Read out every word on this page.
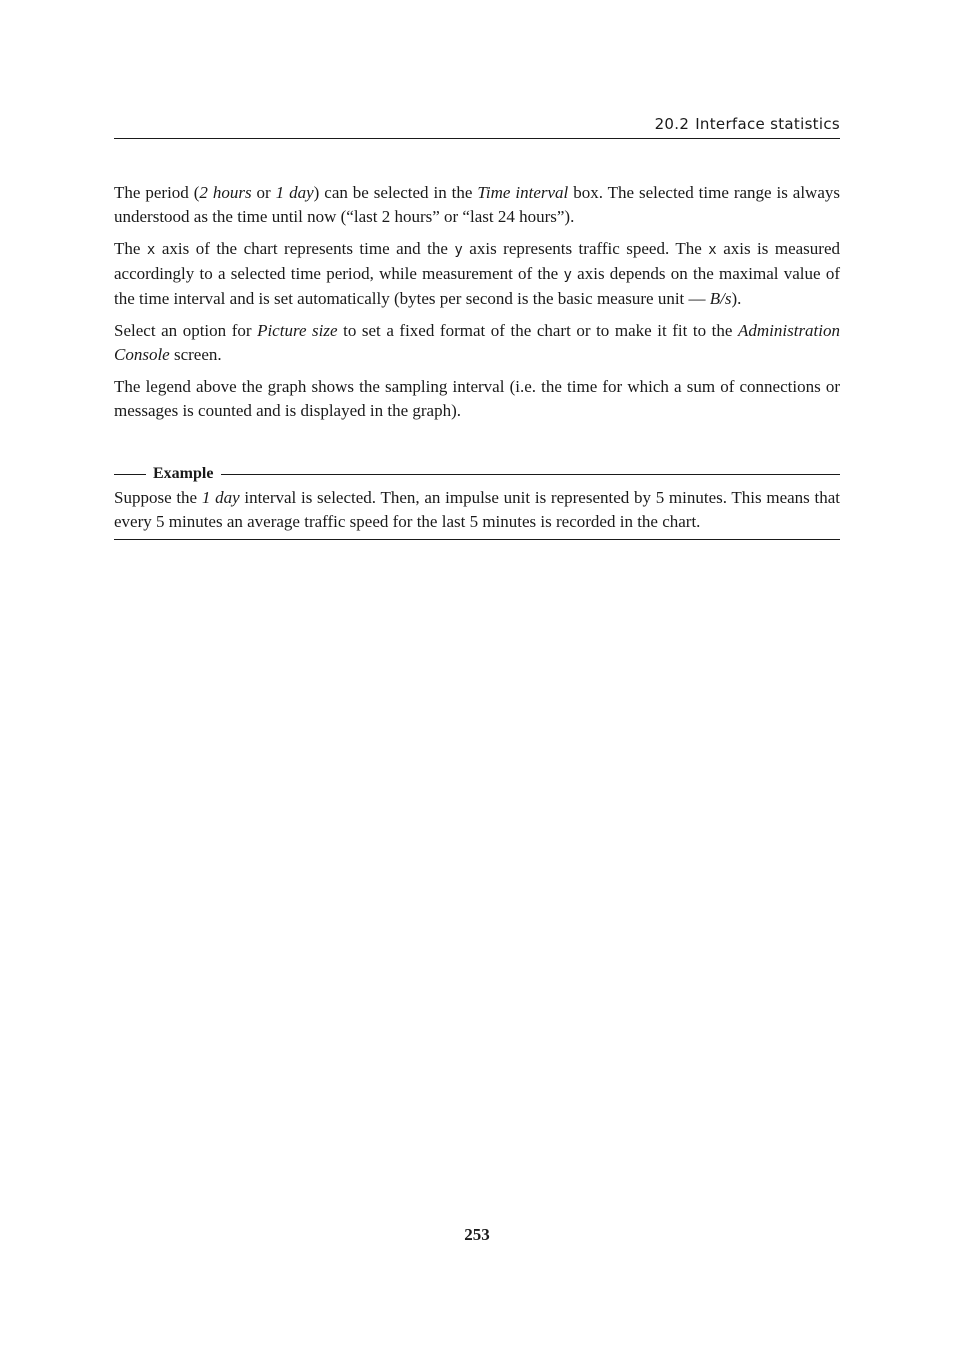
20.2 Interface statistics

The period (2 hours or 1 day) can be selected in the Time interval box. The selected time range is always understood as the time until now (“last 2 hours” or “last 24 hours”).

The x axis of the chart represents time and the y axis represents traffic speed. The x axis is measured accordingly to a selected time period, while measurement of the y axis depends on the maximal value of the time interval and is set automatically (bytes per second is the basic measure unit — B/s).

Select an option for Picture size to set a fixed format of the chart or to make it fit to the Administration Console screen.

The legend above the graph shows the sampling interval (i.e. the time for which a sum of connections or messages is counted and is displayed in the graph).

Example

Suppose the 1 day interval is selected. Then, an impulse unit is represented by 5 minutes. This means that every 5 minutes an average traffic speed for the last 5 minutes is recorded in the chart.

253
